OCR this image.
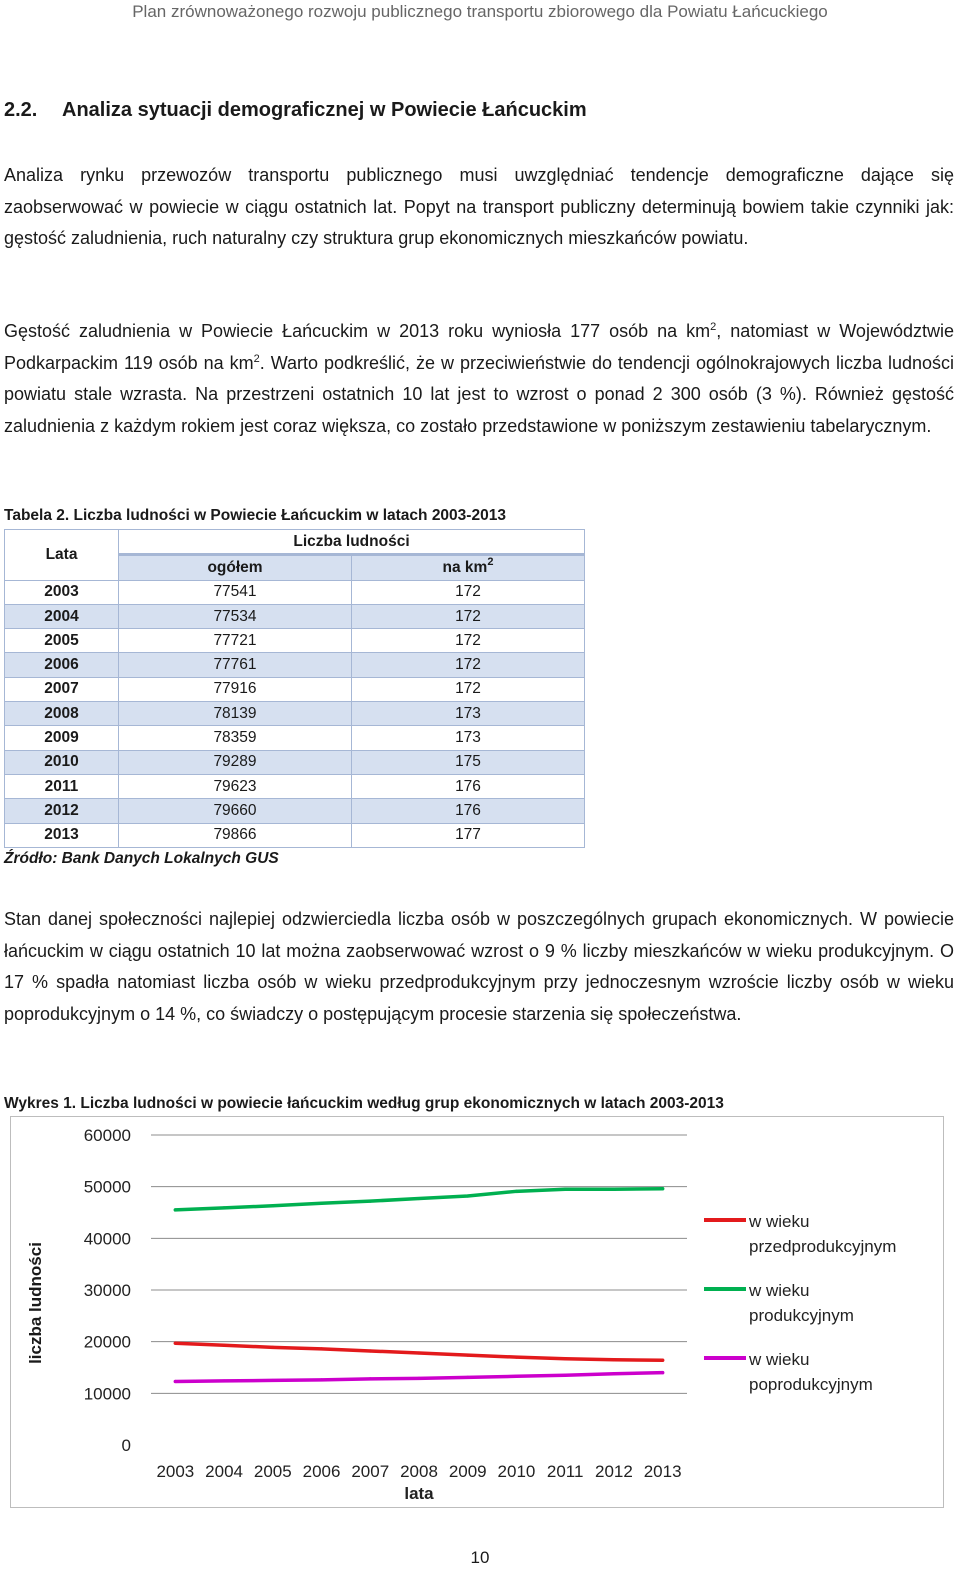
Plan zrównoważonego rozwoju publicznego transportu zbiorowego dla Powiatu Łańcuckiego
2.2. Analiza sytuacji demograficznej w Powiecie Łańcuckim
Analiza rynku przewozów transportu publicznego musi uwzględniać tendencje demograficzne dające się zaobserwować w powiecie w ciągu ostatnich lat. Popyt na transport publiczny determinują bowiem takie czynniki jak: gęstość zaludnienia, ruch naturalny czy struktura grup ekonomicznych mieszkańców powiatu.
Gęstość zaludnienia w Powiecie Łańcuckim w 2013 roku wyniosła 177 osób na $km^2$, natomiast w Województwie Podkarpackim 119 osób na $km^2$. Warto podkreślić, że w przeciwieństwie do tendencji ogólnokrajowych liczba ludności powiatu stale wzrasta. Na przestrzeni ostatnich 10 lat jest to wzrost o ponad 2 300 osób (3 %). Również gęstość zaludnienia z każdym rokiem jest coraz większa, co zostało przedstawione w poniższym zestawieniu tabelarycznym.
Tabela 2. Liczba ludności w Powiecie Łańcuckim w latach 2003-2013
Lata	Liczba ludności	
	ogółem	na $km^2$
2003	77541	172
2004	77534	172
2005	77721	172
2006	77761	172
2007	77916	172
2008	78139	173
2009	78359	173
2010	79289	175
2011	79623	176
2012	79660	176
2013	79866	177
Źródło: Bank Danych Lokalnych GUS
Stan danej społeczności najlepiej odzwierciedla liczba osób w poszczególnych grupach ekonomicznych. W powiecie łańcuckim w ciągu ostatnich 10 lat można zaobserwować wzrost o 9 % liczby mieszkańców w wieku produkcyjnym. O 17 % spadła natomiast liczba osób w wieku przedprodukcyjnym przy jednoczesnym wzroście liczby osób w wieku poprodukcyjnym o 14 %, co świadczy o postępującym procesie starzenia się społeczeństwa.
Wykres 1. Liczba ludności w powiecie łańcuckim według grup ekonomicznych w latach 2003-2013
0
10000
20000
30000
40000
50000
60000
2003 2004 2005 2006 2007 2008 2009 2010 2011 2012 2013
lata
w wieku przedprodukcyjnym
w wieku produkcyjnym
w wieku poprodukcyjnym
liczba ludności
10
